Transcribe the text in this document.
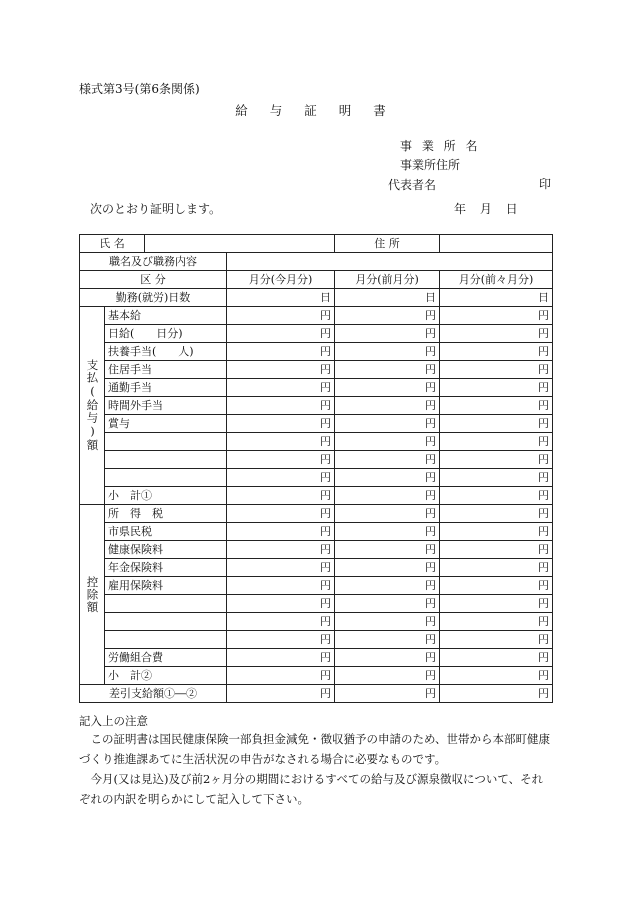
様式第3号(第6条関係)
給 与 証 明 書
事 業 所 名
事業所住所
代表者名	印
次のとおり証明します。	年 月 日
氏 名				住 所	
職名及び職務内容					
区 分			月分(今月分)	月分(前月分)	月分(前々月分)
勤務(就労)日数			日	日	日
支払(給与)額	基本給		円	円	円
	日給(　　日分)		円	円	円
	扶養手当(　　人)		円	円	円
	住居手当		円	円	円
	通勤手当		円	円	円
	時間外手当		円	円	円
	賞与		円	円	円
			円	円	円
			円	円	円
			円	円	円
	小　計①		円	円	円
控除額	所　得　税		円	円	円
	市県民税		円	円	円
	健康保険料		円	円	円
	年金保険料		円	円	円
	雇用保険料		円	円	円
			円	円	円
			円	円	円
			円	円	円
	労働組合費		円	円	円
	小　計②		円	円	円
差引支給額①―②			円	円	円
記入上の注意

この証明書は国民健康保険一部負担金減免・徴収猶予の申請のため、世帯から本部町健康づくり推進課あてに生活状況の申告がなされる場合に必要なものです。

今月(又は見込)及び前2ヶ月分の期間におけるすべての給与及び源泉徴収について、それぞれの内訳を明らかにして記入して下さい。
